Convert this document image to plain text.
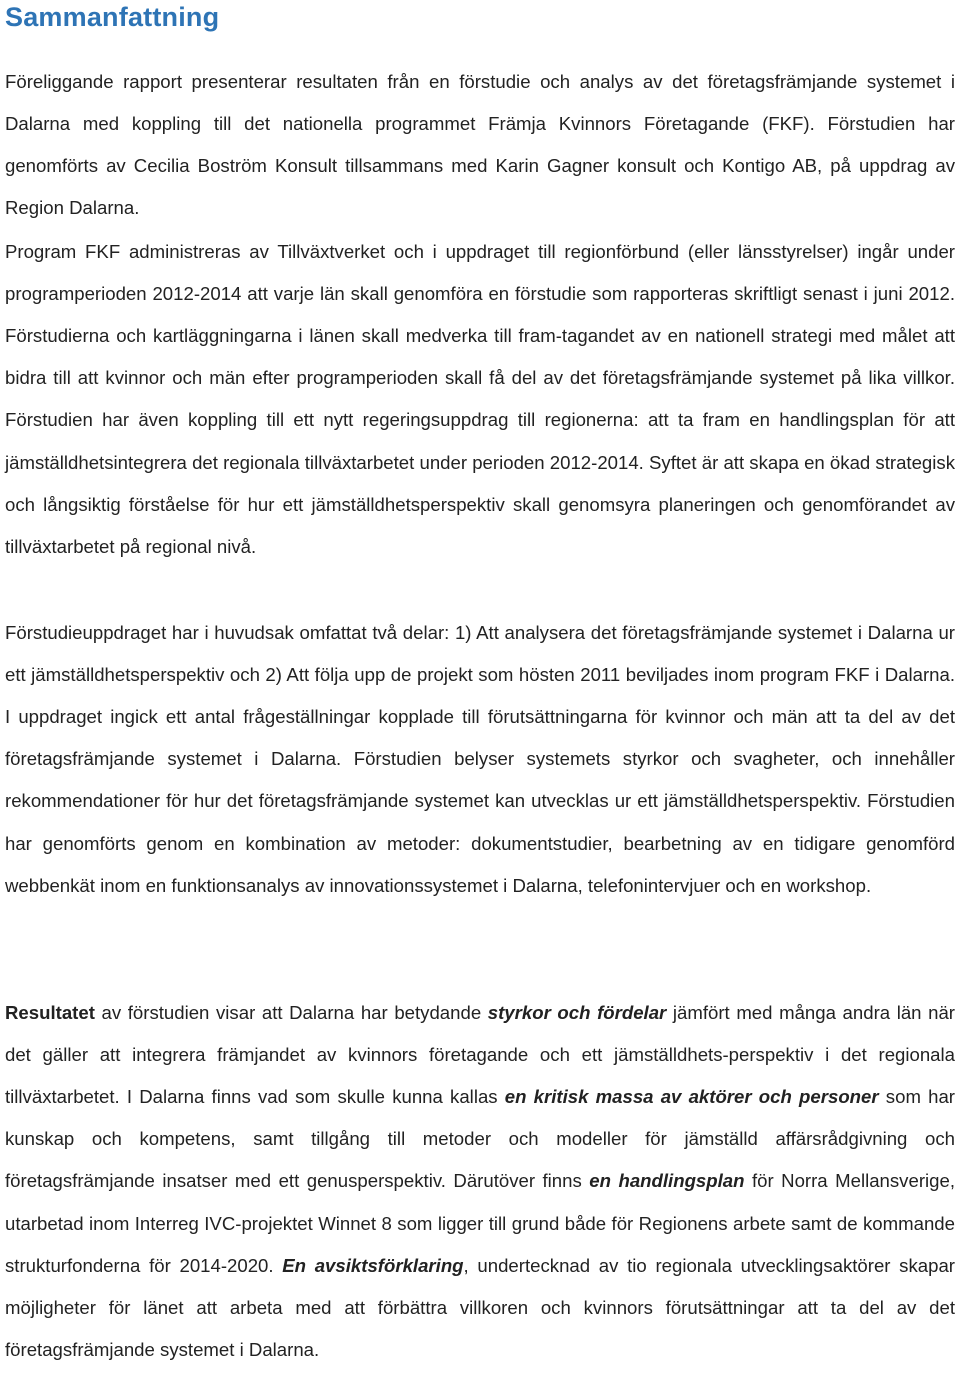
Sammanfattning

Föreliggande rapport presenterar resultaten från en förstudie och analys av det företagsfrämjande systemet i Dalarna med koppling till det nationella programmet Främja Kvinnors Företagande (FKF). Förstudien har genomförts av Cecilia Boström Konsult tillsammans med Karin Gagner konsult och Kontigo AB, på uppdrag av Region Dalarna.

Program FKF administreras av Tillväxtverket och i uppdraget till regionförbund (eller länsstyrelser) ingår under programperioden 2012-2014 att varje län skall genomföra en förstudie som rapporteras skriftligt senast i juni 2012. Förstudierna och kartläggningarna i länen skall medverka till fram-tagandet av en nationell strategi med målet att bidra till att kvinnor och män efter programperioden skall få del av det företagsfrämjande systemet på lika villkor. Förstudien har även koppling till ett nytt regeringsuppdrag till regionerna: att ta fram en handlingsplan för att jämställdhetsintegrera det regionala tillväxtarbetet under perioden 2012-2014. Syftet är att skapa en ökad strategisk och långsiktig förståelse för hur ett jämställdhetsperspektiv skall genomsyra planeringen och genomförandet av tillväxtarbetet på regional nivå.

Förstudieuppdraget har i huvudsak omfattat två delar: 1) Att analysera det företagsfrämjande systemet i Dalarna ur ett jämställdhetsperspektiv och 2) Att följa upp de projekt som hösten 2011 beviljades inom program FKF i Dalarna. I uppdraget ingick ett antal frågeställningar kopplade till förutsättningarna för kvinnor och män att ta del av det företagsfrämjande systemet i Dalarna. Förstudien belyser systemets styrkor och svagheter, och innehåller rekommendationer för hur det företagsfrämjande systemet kan utvecklas ur ett jämställdhetsperspektiv. Förstudien har genomförts genom en kombination av metoder: dokumentstudier, bearbetning av en tidigare genomförd webbenkät inom en funktionsanalys av innovationssystemet i Dalarna, telefonintervjuer och en workshop.

Resultatet av förstudien visar att Dalarna har betydande styrkor och fördelar jämfört med många andra län när det gäller att integrera främjandet av kvinnors företagande och ett jämställdhets-perspektiv i det regionala tillväxtarbetet. I Dalarna finns vad som skulle kunna kallas en kritisk massa av aktörer och personer som har kunskap och kompetens, samt tillgång till metoder och modeller för jämställd affärsrådgivning och företagsfrämjande insatser med ett genusperspektiv. Därutöver finns en handlingsplan för Norra Mellansverige, utarbetad inom Interreg IVC-projektet Winnet 8 som ligger till grund både för Regionens arbete samt de kommande strukturfonderna för 2014-2020. En avsiktsförklaring, undertecknad av tio regionala utvecklingsaktörer skapar möjligheter för länet att arbeta med att förbättra villkoren och kvinnors förutsättningar att ta del av det företagsfrämjande systemet i Dalarna.
